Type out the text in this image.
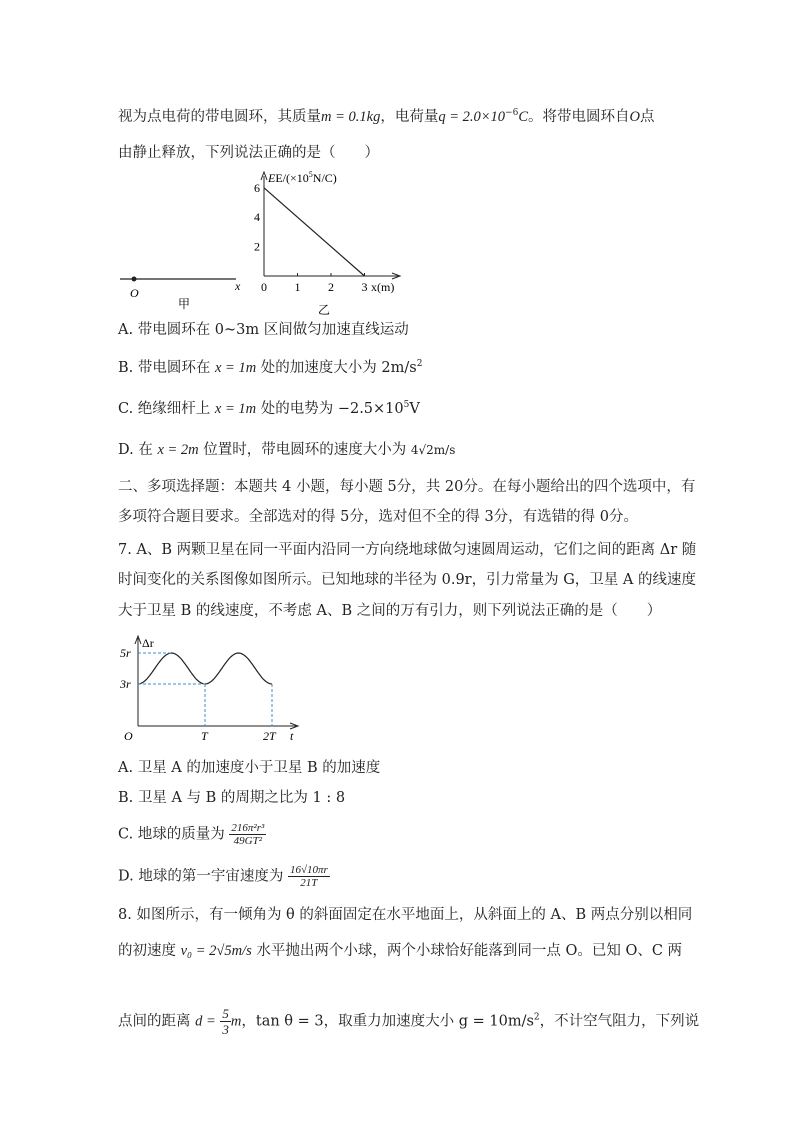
视为点电荷的带电圆环，其质量m = 0.1kg，电荷量$q = 2.0\times 10^{-6}C$。将带电圆环自O点
由静止释放，下列说法正确的是（　　）
x
O
甲
$EE/(\times 10^5N/C)$
x(m)
乙
6
4
2
0 1 2 3
A. 带电圆环在 0~3m 区间做匀加速直线运动
B. 带电圆环在 x = 1m 处的加速度大小为 $2m/s^2$
C. 绝缘细杆上 x = 1m 处的电势为 $-2.5\times 10^5V$
D. 在 x = 2m 位置时，带电圆环的速度大小为 4√2m/s
二、多项选择题：本题共 4 小题，每小题 5分，共 20分。在每小题给出的四个选项中，有
多项符合题目要求。全部选对的得 5分，选对但不全的得 3分，有选错的得 0分。
7. A、B 两颗卫星在同一平面内沿同一方向绕地球做匀速圆周运动，它们之间的距离 Δr 随
时间变化的关系图像如图所示。已知地球的半径为 0.9r，引力常量为 G，卫星 A 的线速度
大于卫星 B 的线速度，不考虑 A、B 之间的万有引力，则下列说法正确的是（　　）
Δr
t
O
5r
3r
T	2T
A. 卫星 A 的加速度小于卫星 B 的加速度
B. 卫星 A 与 B 的周期之比为 1 : 8
C. 地球的质量为 $\frac{\text{216π²r³}}{\text{49GT²}}$
D. 地球的第一宇宙速度为 $\frac{16√10\pi r}{21T}$
8. 如图所示，有一倾角为 θ 的斜面固定在水平地面上，从斜面上的 A、B 两点分别以相同
的初速度 v₀ = 2√5m/s 水平抛出两个小球，两个小球恰好能落到同一点 O。已知 O、C 两
点间的距离 $d = \frac{5}{3}$ m，tan θ = 3，取重力加速度大小 $g = 10m/s^2$，不计空气阻力，下列说
